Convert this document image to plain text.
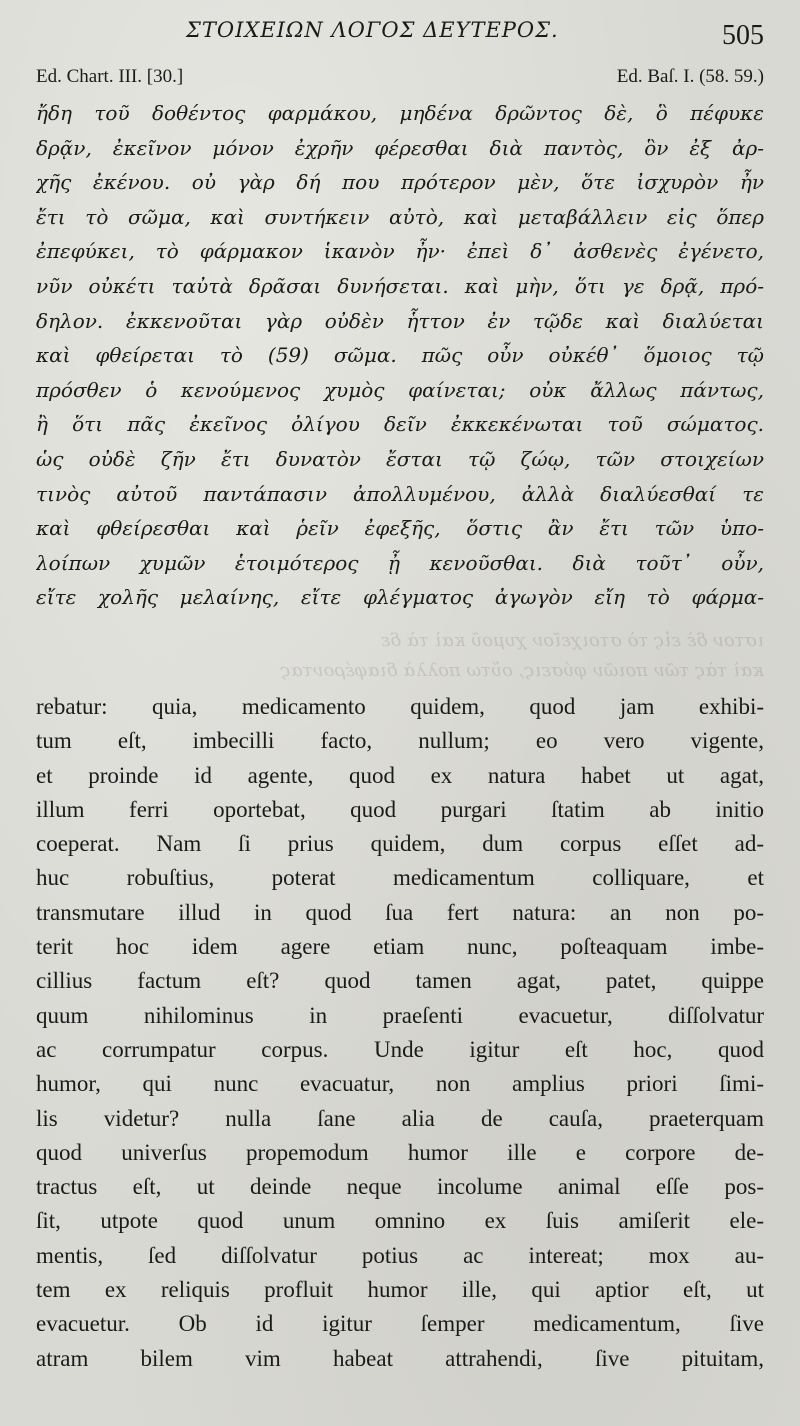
ΣΤΟΙΧΕΙΩΝ ΛΟΓΟΣ ΔΕΥΤΕΡΟΣ.	505
Ed. Chart. III. [30.]	Ed. Baſ. I. (58. 59.)
ἤδη τοῦ δοθέντος φαρμάκου, μηδένα δρῶντος δὲ, ὃ πέφυκε
δρᾷν, ἐκεῖνον μόνον ἐχρῆν φέρεσθαι διὰ παντὸς, ὃν ἐξ ἀρ-
χῆς ἐκένου. οὐ γὰρ δή που πρότερον μὲν, ὅτε ἰσχυρὸν ἦν
ἔτι τὸ σῶμα, καὶ συντήκειν αὐτὸ, καὶ μεταβάλλειν εἰς ὅπερ
ἐπεφύκει, τὸ φάρμακον ἱκανὸν ἦν· ἐπεὶ δ᾽ ἀσθενὲς ἐγένετο,
νῦν οὐκέτι ταὐτὰ δρᾶσαι δυνήσεται. καὶ μὴν, ὅτι γε δρᾷ, πρό-
δηλον. ἐκκενοῦται γὰρ οὐδὲν ἧττον ἐν τῷδε καὶ διαλύεται
καὶ φθείρεται τὸ (59) σῶμα. πῶς οὖν οὐκέθ᾽ ὅμοιος τῷ
πρόσθεν ὁ κενούμενος χυμὸς φαίνεται; οὐκ ἄλλως πάντως,
ἢ ὅτι πᾶς ἐκεῖνος ὀλίγου δεῖν ἐκκεκένωται τοῦ σώματος.
ὡς οὐδὲ ζῆν ἔτι δυνατὸν ἔσται τῷ ζώῳ, τῶν στοιχείων
τινὸς αὐτοῦ παντάπασιν ἀπολλυμένου, ἀλλὰ διαλύεσθαί τε
καὶ φθείρεσθαι καὶ ῥεῖν ἐφεξῆς, ὅστις ἂν ἔτι τῶν ὑπο-
λοίπων χυμῶν ἑτοιμότερος ᾖ κενοῦσθαι. διὰ τοῦτ᾽ οὖν,
εἴτε χολῆς μελαίνης, εἴτε φλέγματος ἀγωγὸν εἴη τὸ φάρμα-
ιστον δὲ εἰς τὸ στοιχεῖον χυμοῦ καὶ τὰ δε
καὶ τὰς τῶν ποιῶν φύσεις, οὕτω πολλὰ διαφέροντας
rebatur: quia, medicamento quidem, quod jam exhibi-
tum eſt, imbecilli facto, nullum; eo vero vigente,
et proinde id agente, quod ex natura habet ut agat,
illum ferri oportebat, quod purgari ſtatim ab initio
coeperat. Nam ſi prius quidem, dum corpus eſſet ad-
huc robuſtius, poterat medicamentum colliquare, et
transmutare illud in quod ſua fert natura: an non po-
terit hoc idem agere etiam nunc, poſteaquam imbe-
cillius factum eſt? quod tamen agat, patet, quippe
quum nihilominus in praeſenti evacuetur, diſſolvatur
ac corrumpatur corpus. Unde igitur eſt hoc, quod
humor, qui nunc evacuatur, non amplius priori ſimi-
lis videtur? nulla ſane alia de cauſa, praeterquam
quod univerſus propemodum humor ille e corpore de-
tractus eſt, ut deinde neque incolume animal eſſe pos-
ſit, utpote quod unum omnino ex ſuis amiſerit ele-
mentis, ſed diſſolvatur potius ac intereat; mox au-
tem ex reliquis profluit humor ille, qui aptior eſt, ut
evacuetur. Ob id igitur ſemper medicamentum, ſive
atram bilem vim habeat attrahendi, ſive pituitam,
